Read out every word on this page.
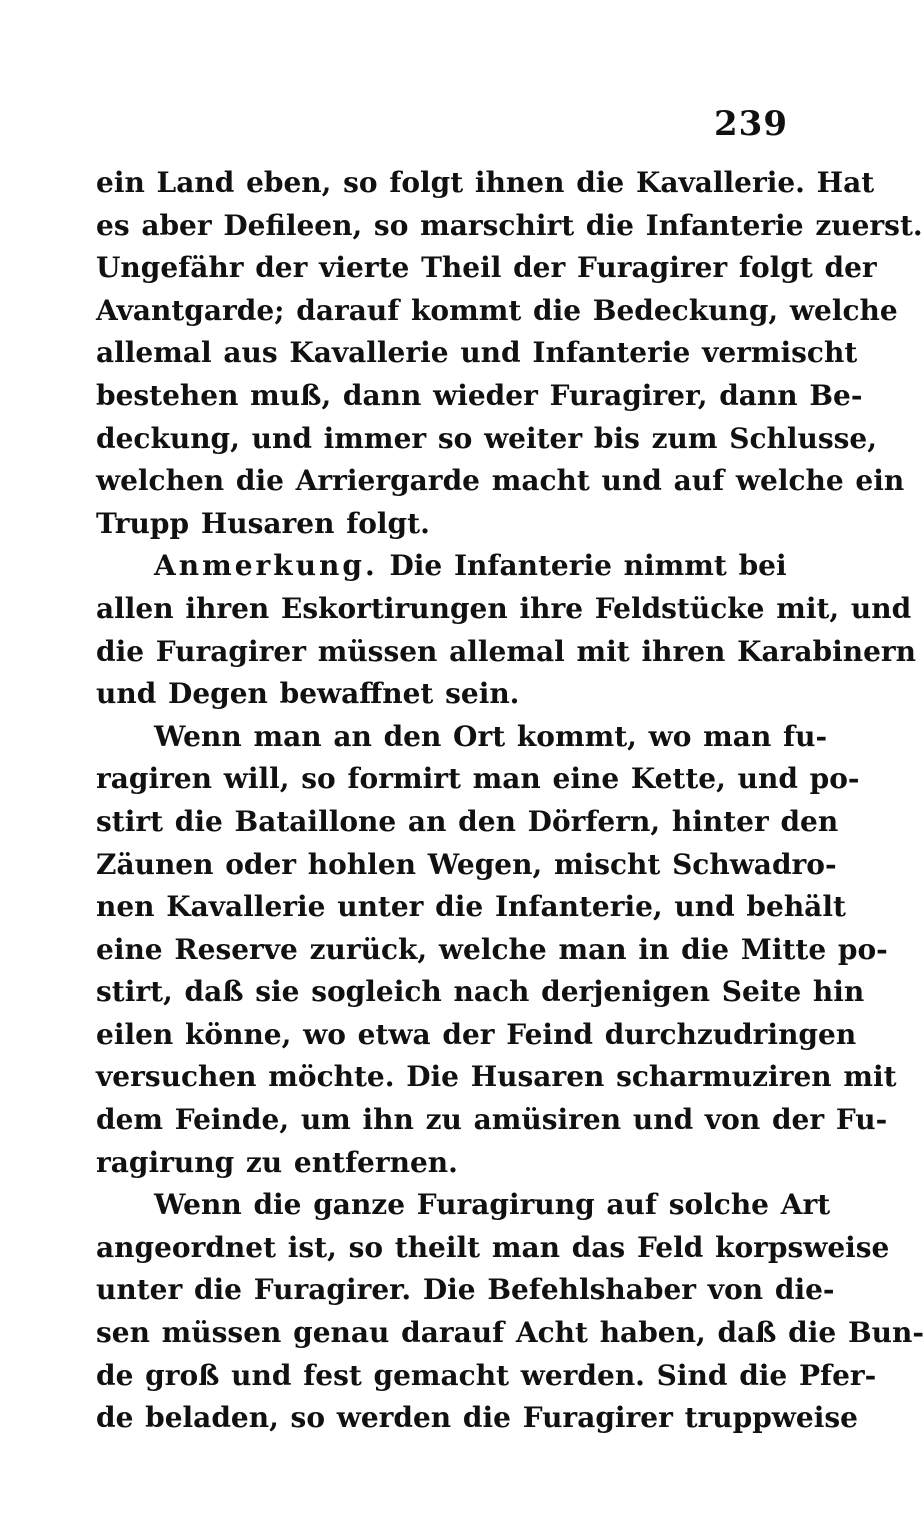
239

ein Land eben, so folgt ihnen die Kavallerie. Hat
es aber Defileen, so marschirt die Infanterie zuerst.
Ungefähr der vierte Theil der Furagirer folgt der
Avantgarde; darauf kommt die Bedeckung, welche
allemal aus Kavallerie und Infanterie vermischt
bestehen muß, dann wieder Furagirer, dann Be-
deckung, und immer so weiter bis zum Schlusse,
welchen die Arriergarde macht und auf welche ein
Trupp Husaren folgt.

Anmerkung. Die Infanterie nimmt bei
allen ihren Eskortirungen ihre Feldstücke mit, und
die Furagirer müssen allemal mit ihren Karabinern
und Degen bewaffnet sein.

Wenn man an den Ort kommt, wo man fu-
ragiren will, so formirt man eine Kette, und po-
stirt die Bataillone an den Dörfern, hinter den
Zäunen oder hohlen Wegen, mischt Schwadro-
nen Kavallerie unter die Infanterie, und behält
eine Reserve zurück, welche man in die Mitte po-
stirt, daß sie sogleich nach derjenigen Seite hin
eilen könne, wo etwa der Feind durchzudringen
versuchen möchte. Die Husaren scharmuziren mit
dem Feinde, um ihn zu amüsiren und von der Fu-
ragirung zu entfernen.

Wenn die ganze Furagirung auf solche Art
angeordnet ist, so theilt man das Feld korpsweise
unter die Furagirer. Die Befehlshaber von die-
sen müssen genau darauf Acht haben, daß die Bun-
de groß und fest gemacht werden. Sind die Pfer-
de beladen, so werden die Furagirer truppweise
